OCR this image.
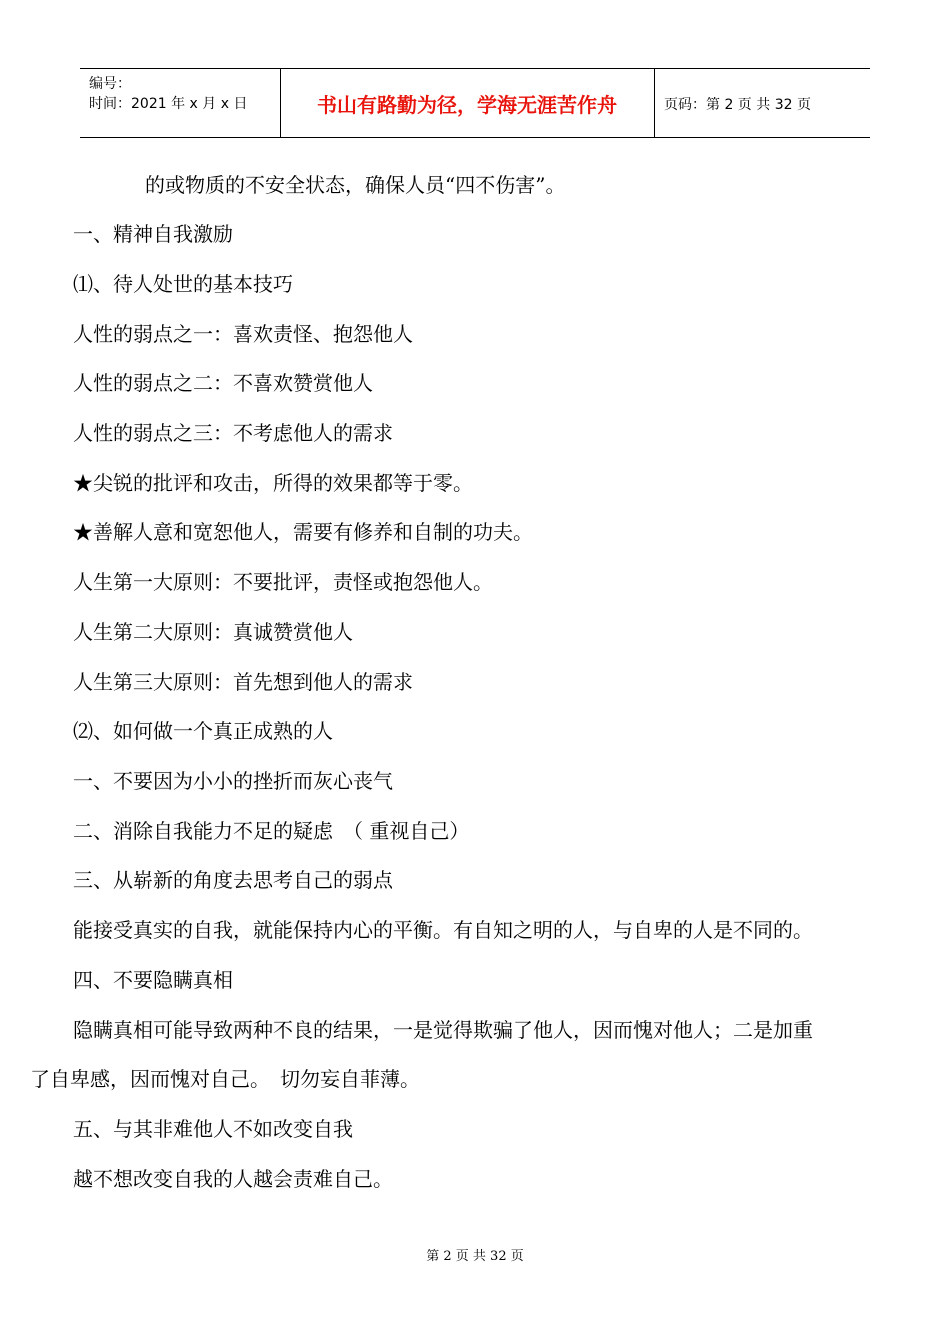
编号：
时间：2021 年 x 月 x 日	书山有路勤为径，学海无涯苦作舟	页码：第 2 页 共 32 页
的或物质的不安全状态，确保人员“四不伤害”。
一、精神自我激励
⑴、待人处世的基本技巧
人性的弱点之一：喜欢责怪、抱怨他人
人性的弱点之二：不喜欢赞赏他人
人性的弱点之三：不考虑他人的需求
★尖锐的批评和攻击，所得的效果都等于零。
★善解人意和宽恕他人，需要有修养和自制的功夫。
人生第一大原则：不要批评，责怪或抱怨他人。
人生第二大原则：真诚赞赏他人
人生第三大原则：首先想到他人的需求
⑵、如何做一个真正成熟的人
一、不要因为小小的挫折而灰心丧气
二、消除自我能力不足的疑虑　（ 重视自己）
三、从崭新的角度去思考自己的弱点
能接受真实的自我，就能保持内心的平衡。有自知之明的人，与自卑的人是不同的。
四、不要隐瞒真相
隐瞒真相可能导致两种不良的结果，一是觉得欺骗了他人，因而愧对他人；二是加重
了自卑感，因而愧对自己。　切勿妄自菲薄。
五、与其非难他人不如改变自我
越不想改变自我的人越会责难自己。
第 2 页 共 32 页
